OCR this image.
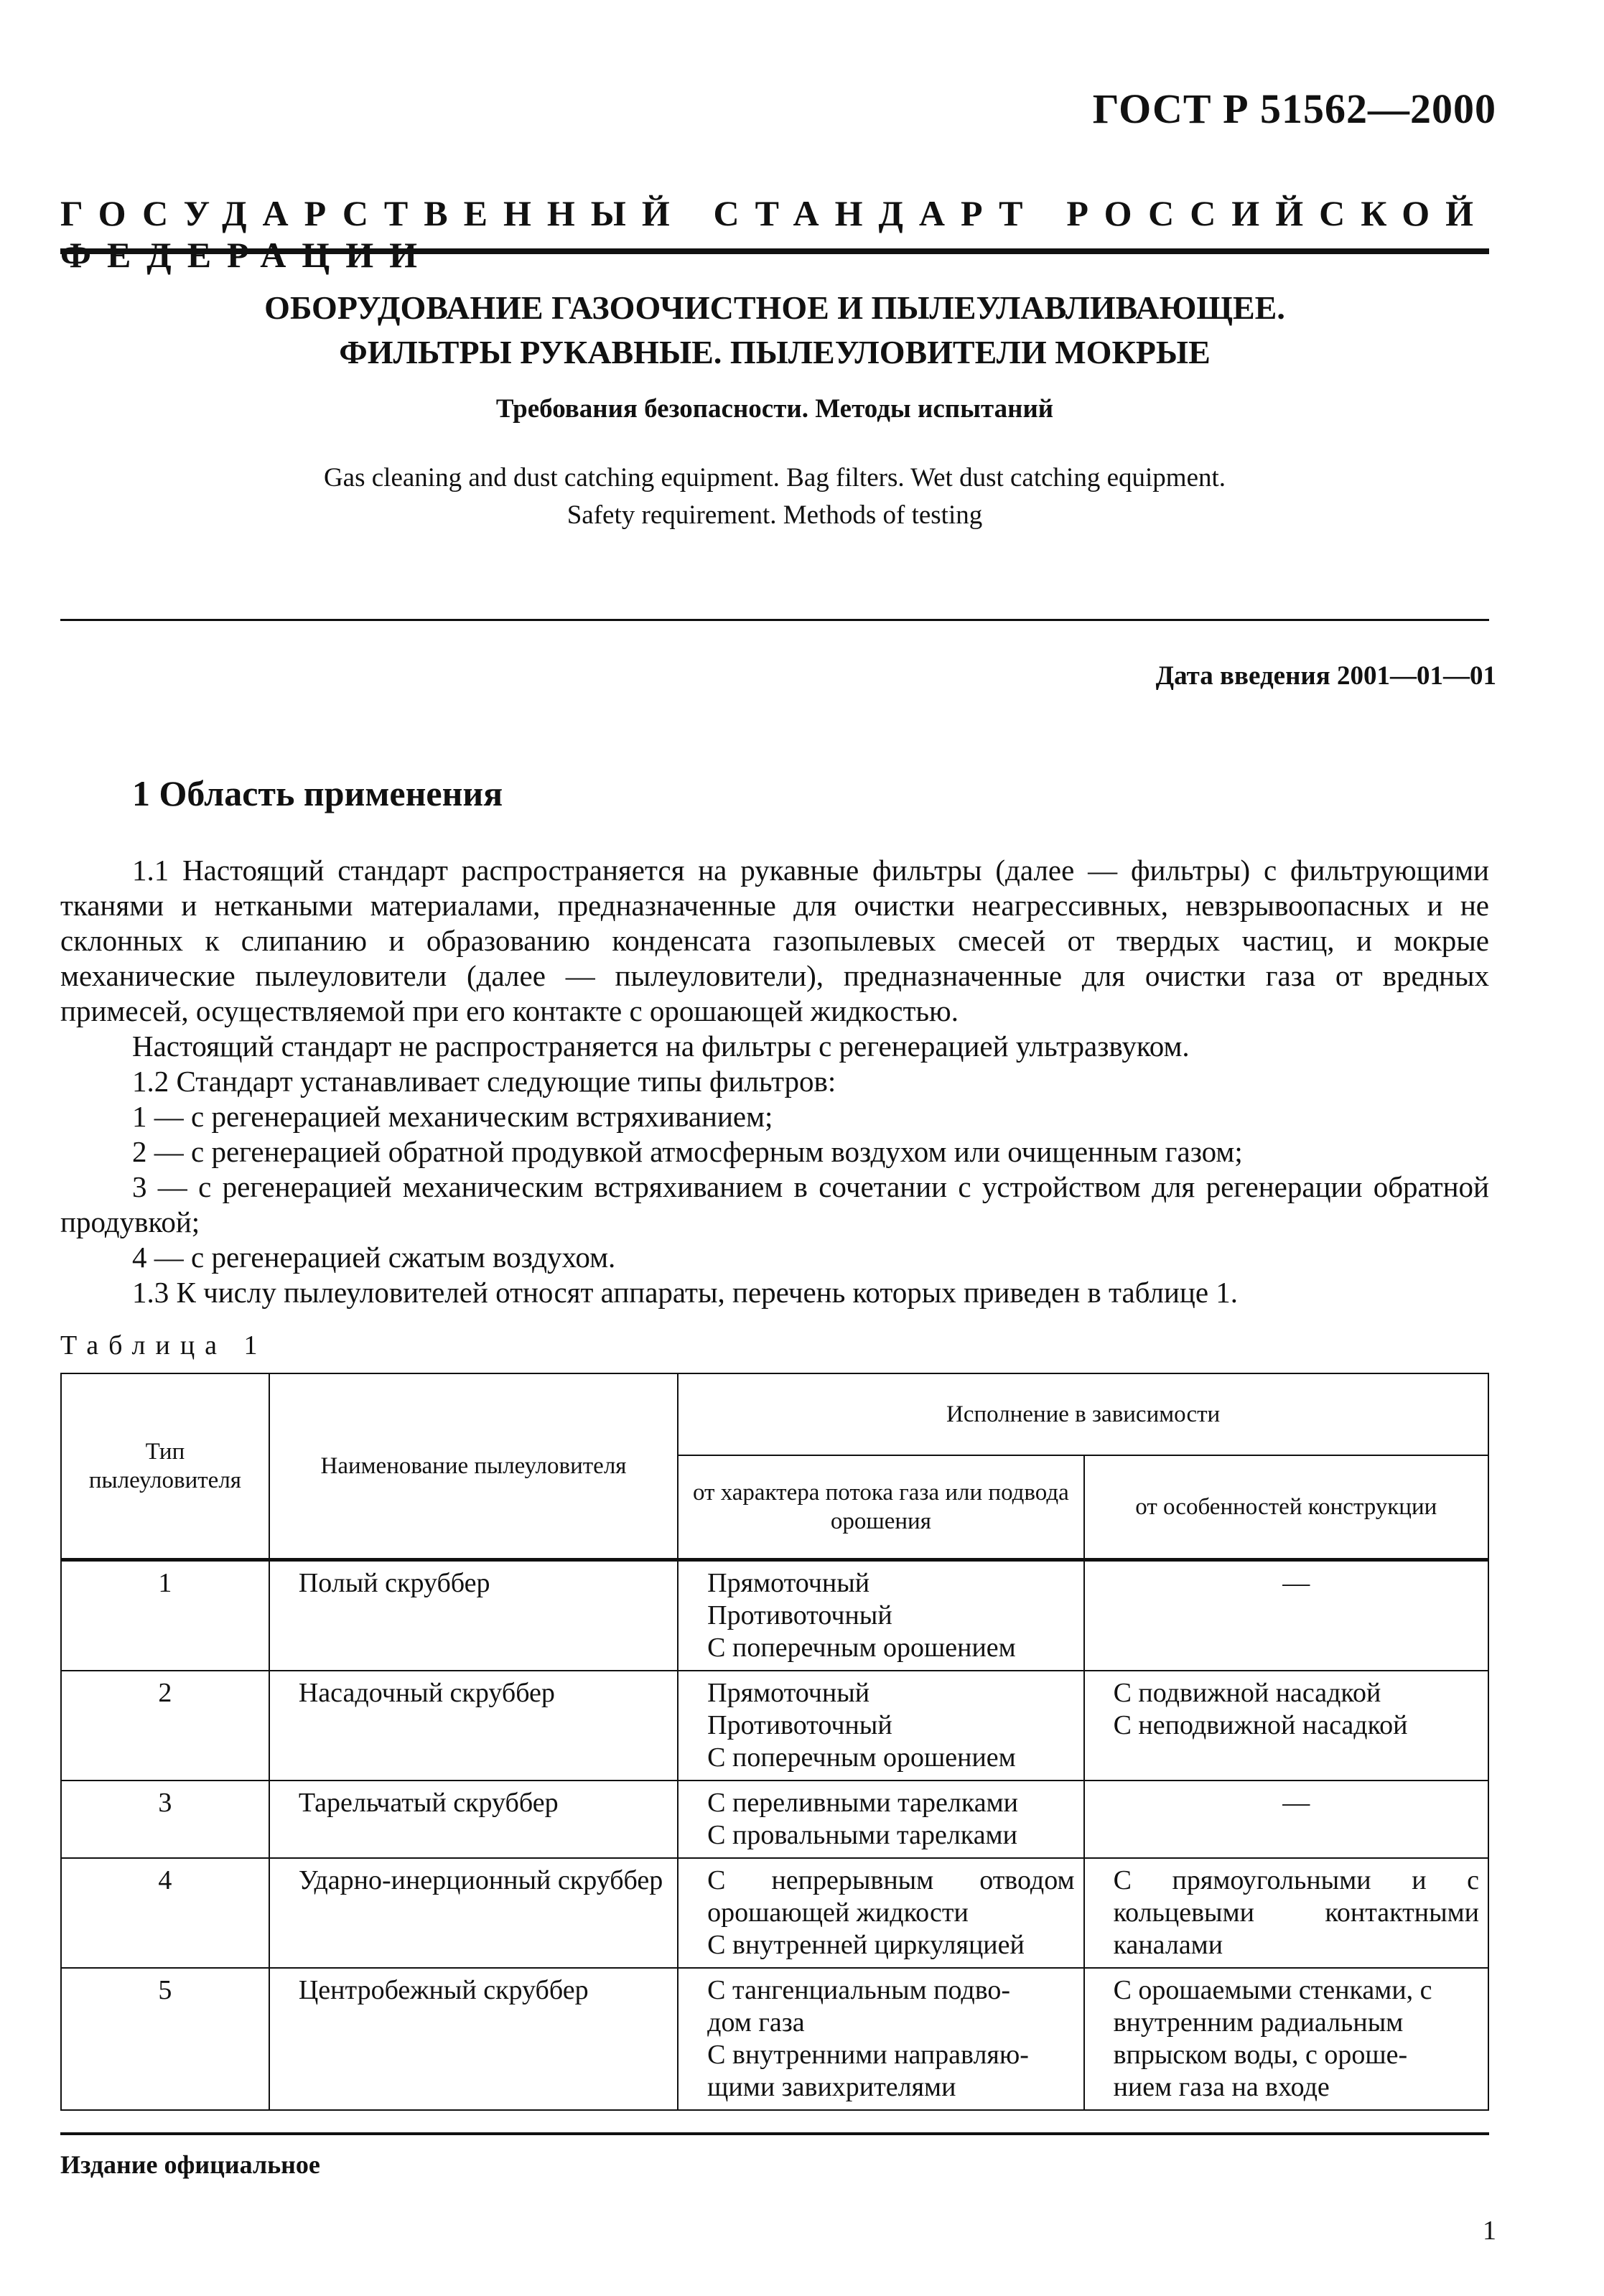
ГОСТ Р 51562—2000
ГОСУДАРСТВЕННЫЙ СТАНДАРТ РОССИЙСКОЙ ФЕДЕРАЦИИ
ОБОРУДОВАНИЕ ГАЗООЧИСТНОЕ И ПЫЛЕУЛАВЛИВАЮЩЕЕ.
ФИЛЬТРЫ РУКАВНЫЕ. ПЫЛЕУЛОВИТЕЛИ МОКРЫЕ
Требования безопасности. Методы испытаний
Gas cleaning and dust catching equipment. Bag filters. Wet dust catching equipment.
Safety requirement. Methods of testing
Дата введения 2001—01—01
1 Область применения

1.1 Настоящий стандарт распространяется на рукавные фильтры (далее — фильтры) с фильтрующими тканями и неткаными материалами, предназначенные для очистки неагрессивных, невзрывоопасных и не склонных к слипанию и образованию конденсата газопылевых смесей от твердых частиц, и мокрые механические пылеуловители (далее — пылеуловители), предназначенные для очистки газа от вредных примесей, осуществляемой при его контакте с орошающей жидкостью.

Настоящий стандарт не распространяется на фильтры с регенерацией ультразвуком.

1.2 Стандарт устанавливает следующие типы фильтров:

1 — с регенерацией механическим встряхиванием;

2 — с регенерацией обратной продувкой атмосферным воздухом или очищенным газом;

3 — с регенерацией механическим встряхиванием в сочетании с устройством для регенерации обратной продувкой;

4 — с регенерацией сжатым воздухом.

1.3 К числу пылеуловителей относят аппараты, перечень которых приведен в таблице 1.

Таблица 1
Тип пылеуловителя	Наименование пылеуловителя	Исполнение в зависимости	
		от характера потока газа или подвода орошения	от особенностей конструкции
1	Полый скруббер	Прямоточный
Противоточный
С поперечным орошением	—

2	Насадочный скруббер	Прямоточный
Противоточный
С поперечным орошением	С подвижной насадкой
С неподвижной насадкой

3	Тарельчатый скруббер	С переливными тарелками
С провальными тарелками	—

4	Ударно-инерционный скруббер	С непрерывным отводом
орошающей жидкости
С внутренней циркуляцией	С прямоугольными и с
кольцевыми контактными
каналами

5	Центробежный скруббер	С тангенциальным подво-
дом газа
С внутренними направляю-
щими завихрителями	С орошаемыми стенками, с
внутренним радиальным
впрыском воды, с ороше-
нием газа на входе
Издание официальное
1
